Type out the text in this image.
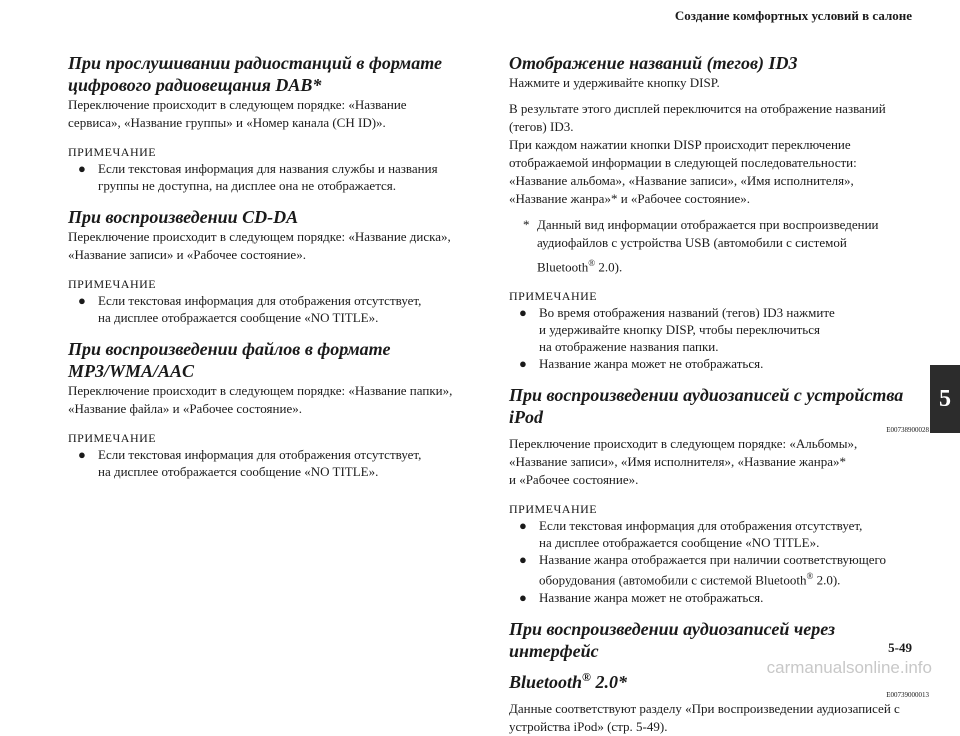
Создание комфортных условий в салоне
5
При прослушивании радиостанций в формате
цифрового радиовещания DAB*

Переключение происходит в следующем порядке: «Название

сервиса», «Название группы» и «Номер канала (CH ID)».

ПРИМЕЧАНИЕ

● Если текстовая информация для названия службы и названия
группы не доступна, на дисплее она не отображается.
При воспроизведении CD-DA

Переключение происходит в следующем порядке: «Название диска»,

«Название записи» и «Рабочее состояние».

ПРИМЕЧАНИЕ

● Если текстовая информация для отображения отсутствует,
на дисплее отображается сообщение «NO TITLE».
При воспроизведении файлов в формате
MP3/WMA/AAC

Переключение происходит в следующем порядке: «Название папки»,

«Название файла» и «Рабочее состояние».

ПРИМЕЧАНИЕ

● Если текстовая информация для отображения отсутствует,
на дисплее отображается сообщение «NO TITLE».
Отображение названий (тегов) ID3

Нажмите и удерживайте кнопку DISP.

В результате этого дисплей переключится на отображение названий

(тегов) ID3.

При каждом нажатии кнопки DISP происходит переключение

отображаемой информации в следующей последовательности:

«Название альбома», «Название записи», «Имя исполнителя»,

«Название жанра»* и «Рабочее состояние».

* Данный вид информации отображается при воспроизведении
аудиофайлов с устройства USB (автомобили с системой
Bluetooth® 2.0).

ПРИМЕЧАНИЕ

● Во время отображения названий (тегов) ID3 нажмите
и удерживайте кнопку DISP, чтобы переключиться
на отображение названия папки.
● Название жанра может не отображаться.
При воспроизведении аудиозаписей с устройства iPod
E00738900028

Переключение происходит в следующем порядке: «Альбомы»,

«Название записи», «Имя исполнителя», «Название жанра»*

и «Рабочее состояние».

ПРИМЕЧАНИЕ

● Если текстовая информация для отображения отсутствует,
на дисплее отображается сообщение «NO TITLE».
● Название жанра отображается при наличии соответствующего
оборудования (автомобили с системой Bluetooth® 2.0).
● Название жанра может не отображаться.
При воспроизведении аудиозаписей через интерфейс
Bluetooth® 2.0*
E00739000013

Данные соответствуют разделу «При воспроизведении аудиозаписей с

устройства iPod» (стр. 5-49).

5-49
carmanualsonline.info
